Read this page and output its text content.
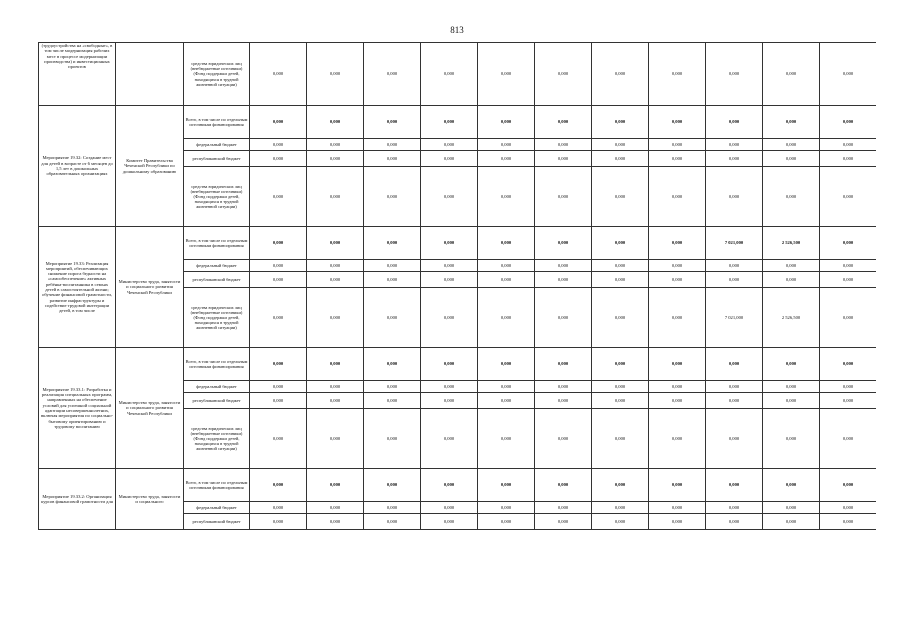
813
(трудоустройства на «свободные», в том числе модернизация рабочих мест в процессе модернизации производства) и инвестиционных проектов		средства юридических лиц (внебюджетные источники) (Фонд поддержки детей, находящихся в трудной жизненной ситуации)	0,000	0,000	0,000	0,000	0,000	0,000	0,000	0,000	0,000	0,000	0,000
Мероприятие 19.32: Создание мест для детей в возрасте от 6 месяцев до 1,5 лет в дошкольных образовательных организациях	Комитет Правительства Чеченской Республики по дошкольному образованию	Всего, в том числе по отдельным источникам финансирования	0,000	0,000	0,000	0,000	0,000	0,000	0,000	0,000	0,000	0,000	0,000
		федеральный бюджет	0,000	0,000	0,000	0,000	0,000	0,000	0,000	0,000	0,000	0,000	0,000
		республиканский бюджет	0,000	0,000	0,000	0,000	0,000	0,000	0,000	0,000	0,000	0,000	0,000
		средства юридических лиц (внебюджетные источники) (Фонд поддержки детей, находящихся в трудной жизненной ситуации)	0,000	0,000	0,000	0,000	0,000	0,000	0,000	0,000	0,000	0,000	0,000
Мероприятие 19.33: Реализация мероприятий, обеспечивающих снижение порога бедности на «самообеспечение» активных ребёнка-воспитанника в семьях детей в самостоятельной жизни; обучение финансовой грамотности, развитие инфраструктуры и содействие трудовой интеграции детей, в том числе	Министерство труда, занятости и социального развития Чеченской Республики	Всего, в том числе по отдельным источникам финансирования	0,000	0,000	0,000	0,000	0,000	0,000	0,000	0,000	7 021,000	2 526,500	0,000
		федеральный бюджет	0,000	0,000	0,000	0,000	0,000	0,000	0,000	0,000	0,000	0,000	0,000
		республиканский бюджет	0,000	0,000	0,000	0,000	0,000	0,000	0,000	0,000	0,000	0,000	0,000
		средства юридических лиц (внебюджетные источники) (Фонд поддержки детей, находящихся в трудной жизненной ситуации)	0,000	0,000	0,000	0,000	0,000	0,000	0,000	0,000	7 021,000	2 526,500	0,000
Мероприятие 19.33.1: Разработка и реализация специальных программ, направленных на обеспечение условий для успешной социальной адаптации несовершеннолетних, включая мероприятия по социально-бытовому ориентированию и трудовому воспитанию	Министерство труда, занятости и социального развития Чеченской Республики	Всего, в том числе по отдельным источникам финансирования	0,000	0,000	0,000	0,000	0,000	0,000	0,000	0,000	0,000	0,000	0,000
		федеральный бюджет	0,000	0,000	0,000	0,000	0,000	0,000	0,000	0,000	0,000	0,000	0,000
		республиканский бюджет	0,000	0,000	0,000	0,000	0,000	0,000	0,000	0,000	0,000	0,000	0,000
		средства юридических лиц (внебюджетные источники) (Фонд поддержки детей, находящихся в трудной жизненной ситуации)	0,000	0,000	0,000	0,000	0,000	0,000	0,000	0,000	0,000	0,000	0,000
Мероприятие 19.33.2: Организация курсов финансовой грамотности для	Министерство труда, занятости и социального	Всего, в том числе по отдельным источникам финансирования	0,000	0,000	0,000	0,000	0,000	0,000	0,000	0,000	0,000	0,000	0,000
		федеральный бюджет	0,000	0,000	0,000	0,000	0,000	0,000	0,000	0,000	0,000	0,000	0,000
		республиканский бюджет	0,000	0,000	0,000	0,000	0,000	0,000	0,000	0,000	0,000	0,000	0,000
